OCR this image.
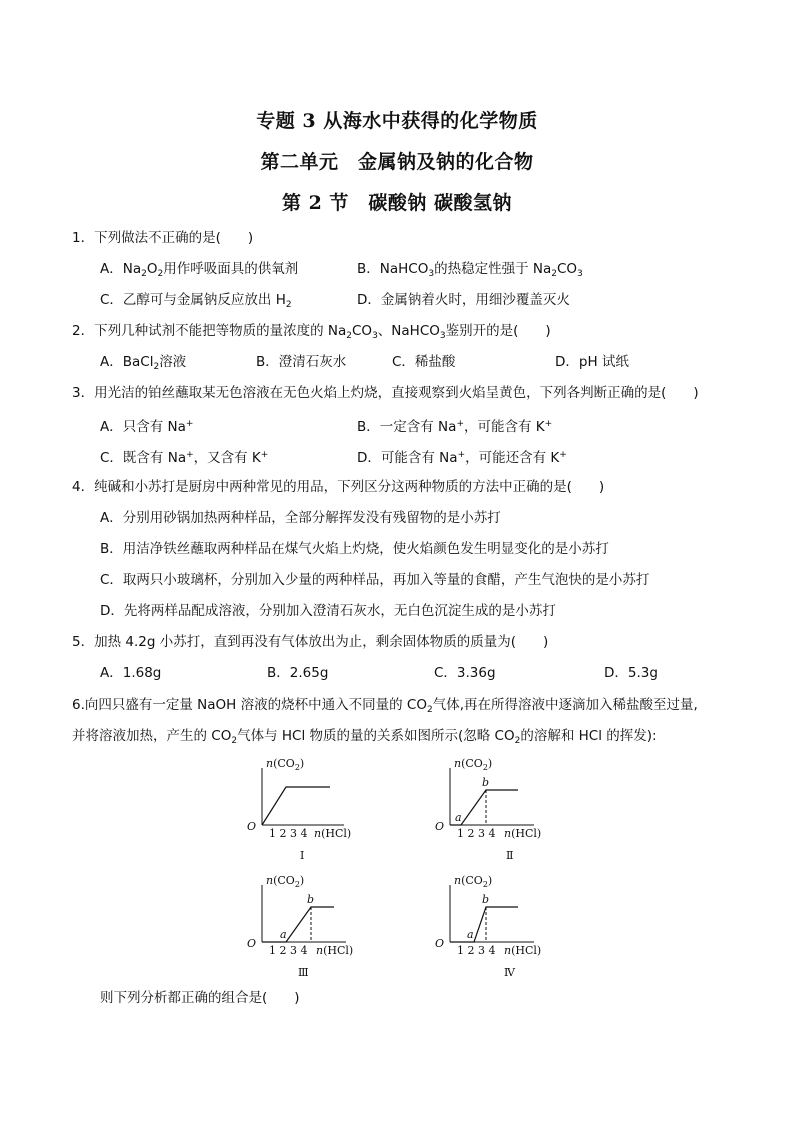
专题 3 从海水中获得的化学物质
第二单元　金属钠及钠的化合物
第 2 节　碳酸钠 碳酸氢钠
1．下列做法不正确的是(　　)
A．$Na_2O_2$用作呼吸面具的供氧剂	B．NaHCO$_3$的热稳定性强于 $Na_2CO_3$
C．乙醇可与金属钠反应放出 $H_2$	D．金属钠着火时，用细沙覆盖灭火
2．下列几种试剂不能把等物质的量浓度的 $Na_2CO_3$、NaHCO$_3$鉴别开的是(　　)
A．BaCl$_2$溶液	B．澄清石灰水	C．稀盐酸	D．pH 试纸
3．用光洁的铂丝蘸取某无色溶液在无色火焰上灼烧，直接观察到火焰呈黄色，下列各判断正确的是(　　)
A．只含有 Na+	B．一定含有 Na+，可能含有 K+
C．既含有 Na+，又含有 K+	D．可能含有 Na+，可能还含有 K+
4．纯碱和小苏打是厨房中两种常见的用品，下列区分这两种物质的方法中正确的是(　　)
A．分别用砂锅加热两种样品，全部分解挥发没有残留物的是小苏打
B．用洁净铁丝蘸取两种样品在煤气火焰上灼烧，使火焰颜色发生明显变化的是小苏打
C．取两只小玻璃杯，分别加入少量的两种样品，再加入等量的食醋，产生气泡快的是小苏打
D．先将两样品配成溶液，分别加入澄清石灰水，无白色沉淀生成的是小苏打
5．加热 4.2g 小苏打，直到再没有气体放出为止，剩余固体物质的质量为(　　)
A．1.68g	B．2.65g	C．3.36g	D．5.3g
6.向四只盛有一定量 NaOH 溶液的烧杯中通入不同量的 $CO_2$气体,再在所得溶液中逐滴加入稀盐酸至过量,
并将溶液加热，产生的 $CO_2$气体与 HCl 物质的量的关系如图所示(忽略 $CO_2$的溶解和 HCl 的挥发):
$n(CO_2)$
O
1 2 3 4 n(HCl)
Ⅰ
$n(CO_2)$
O
a
b
1 2 3 4 n(HCl)
Ⅱ
$n(CO_2)$
O
a
b
1 2 3 4 n(HCl)
Ⅲ
$n(CO_2)$
O
a
b
1 2 3 4 n(HCl)
Ⅳ
则下列分析都正确的组合是(　　)
